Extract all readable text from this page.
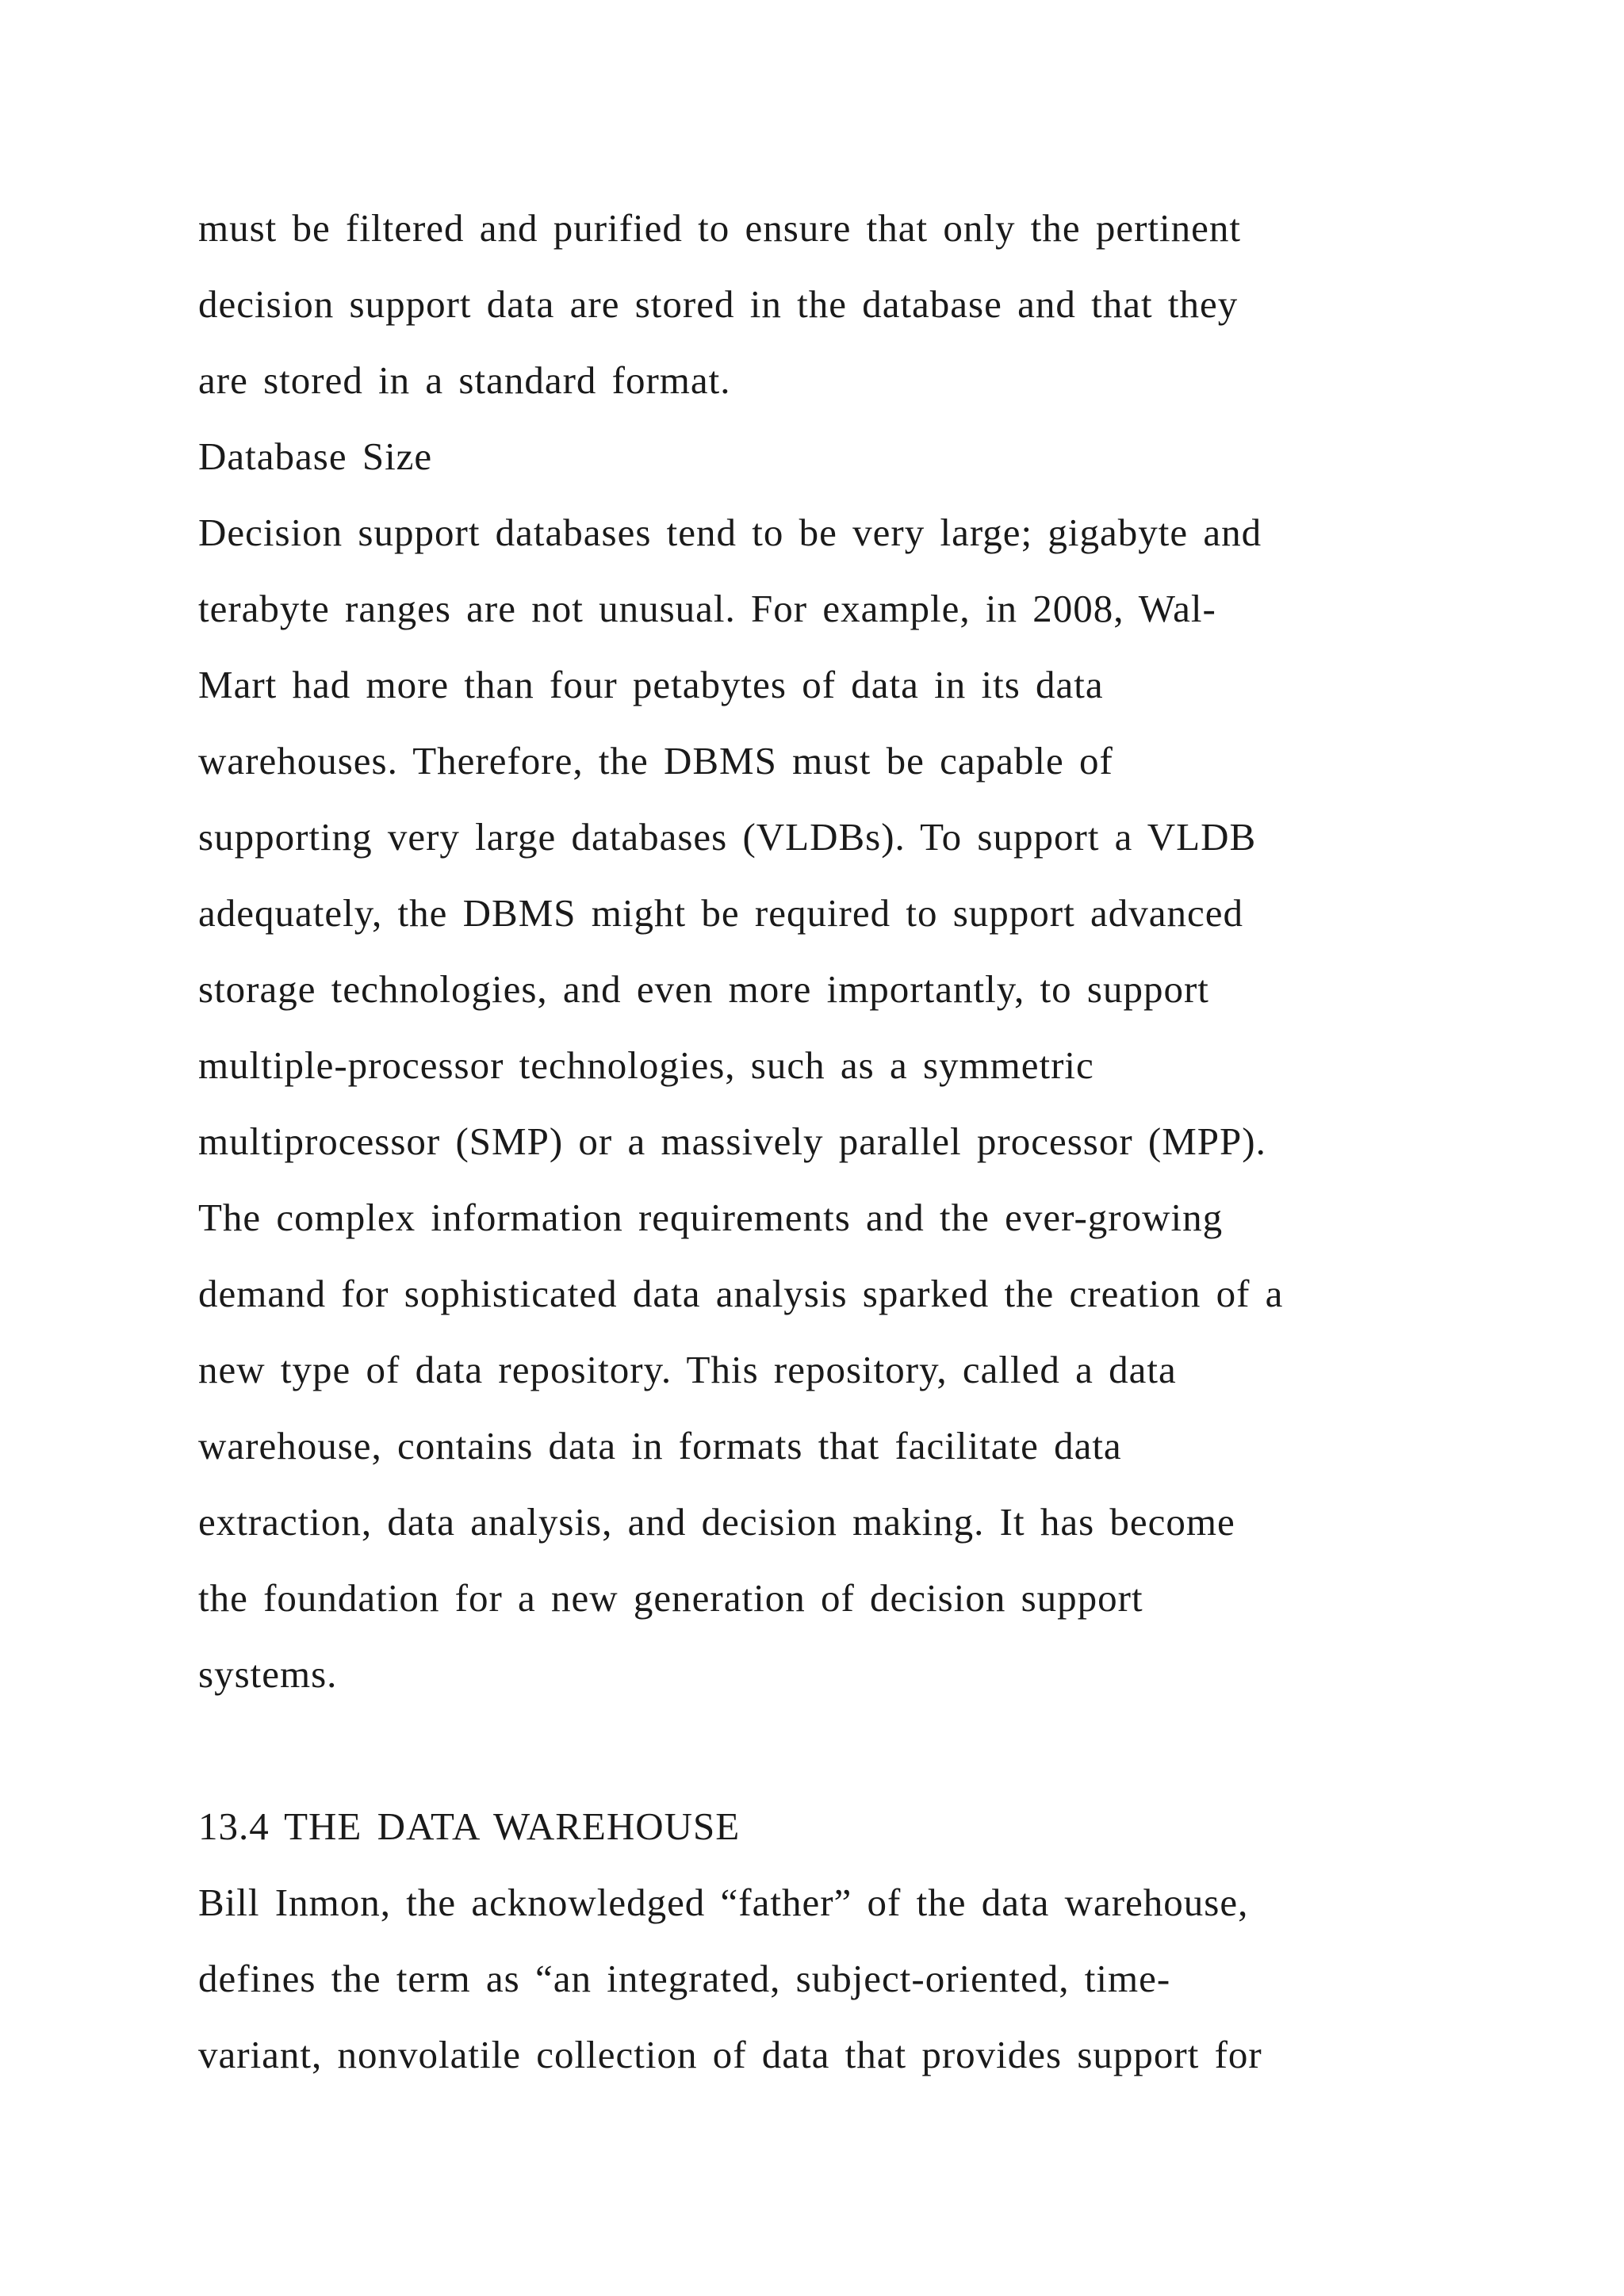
must be filtered and purified to ensure that only the pertinent
decision support data are stored in the database and that they
are stored in a standard format.
Database Size
Decision support databases tend to be very large; gigabyte and
terabyte ranges are not unusual. For example, in 2008, Wal-
Mart had more than four petabytes of data in its data
warehouses. Therefore, the DBMS must be capable of
supporting very large databases (VLDBs). To support a VLDB
adequately, the DBMS might be required to support advanced
storage technologies, and even more importantly, to support
multiple-processor technologies, such as a symmetric
multiprocessor (SMP) or a massively parallel processor (MPP).
The complex information requirements and the ever-growing
demand for sophisticated data analysis sparked the creation of a
new type of data repository. This repository, called a data
warehouse, contains data in formats that facilitate data
extraction, data analysis, and decision making. It has become
the foundation for a new generation of decision support
systems.
13.4 THE DATA WAREHOUSE
Bill Inmon, the acknowledged “father” of the data warehouse,
defines the term as “an integrated, subject-oriented, time-
variant, nonvolatile collection of data that provides support for
